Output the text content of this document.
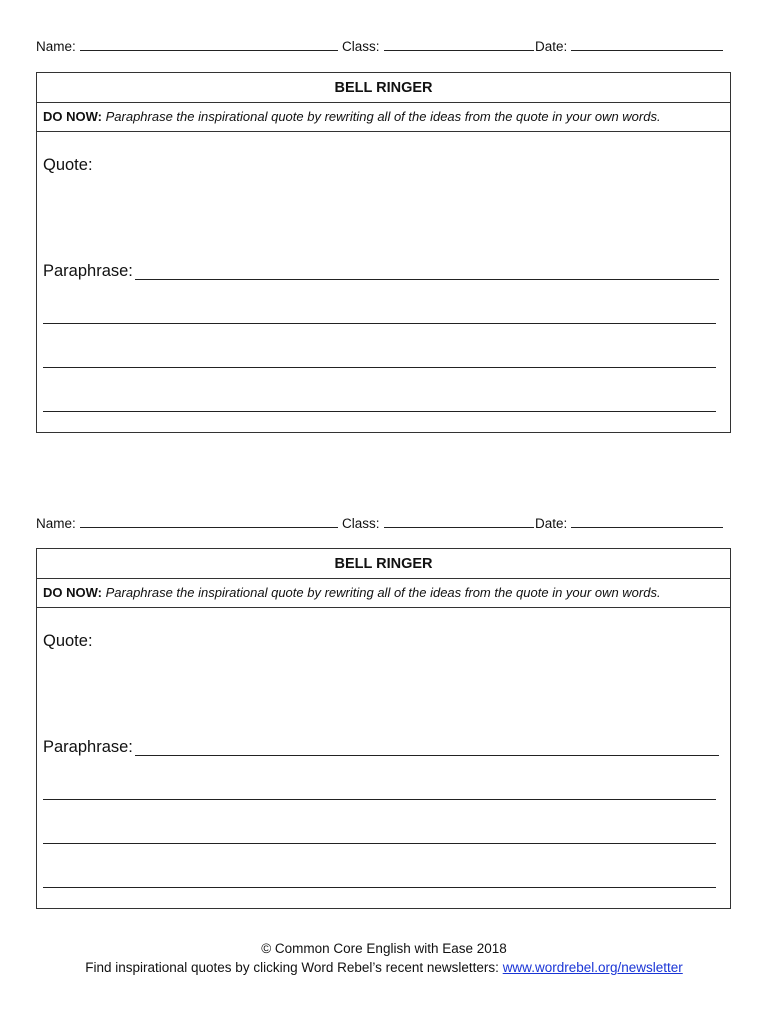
Name:	Class:	Date:
BELL RINGER
DO NOW: Paraphrase the inspirational quote by rewriting all of the ideas from the quote in your own words.
Quote:
Paraphrase:
Name:	Class:	Date:
BELL RINGER
DO NOW: Paraphrase the inspirational quote by rewriting all of the ideas from the quote in your own words.
Quote:
Paraphrase:
© Common Core English with Ease 2018
Find inspirational quotes by clicking Word Rebel’s recent newsletters: www.wordrebel.org/newsletter
